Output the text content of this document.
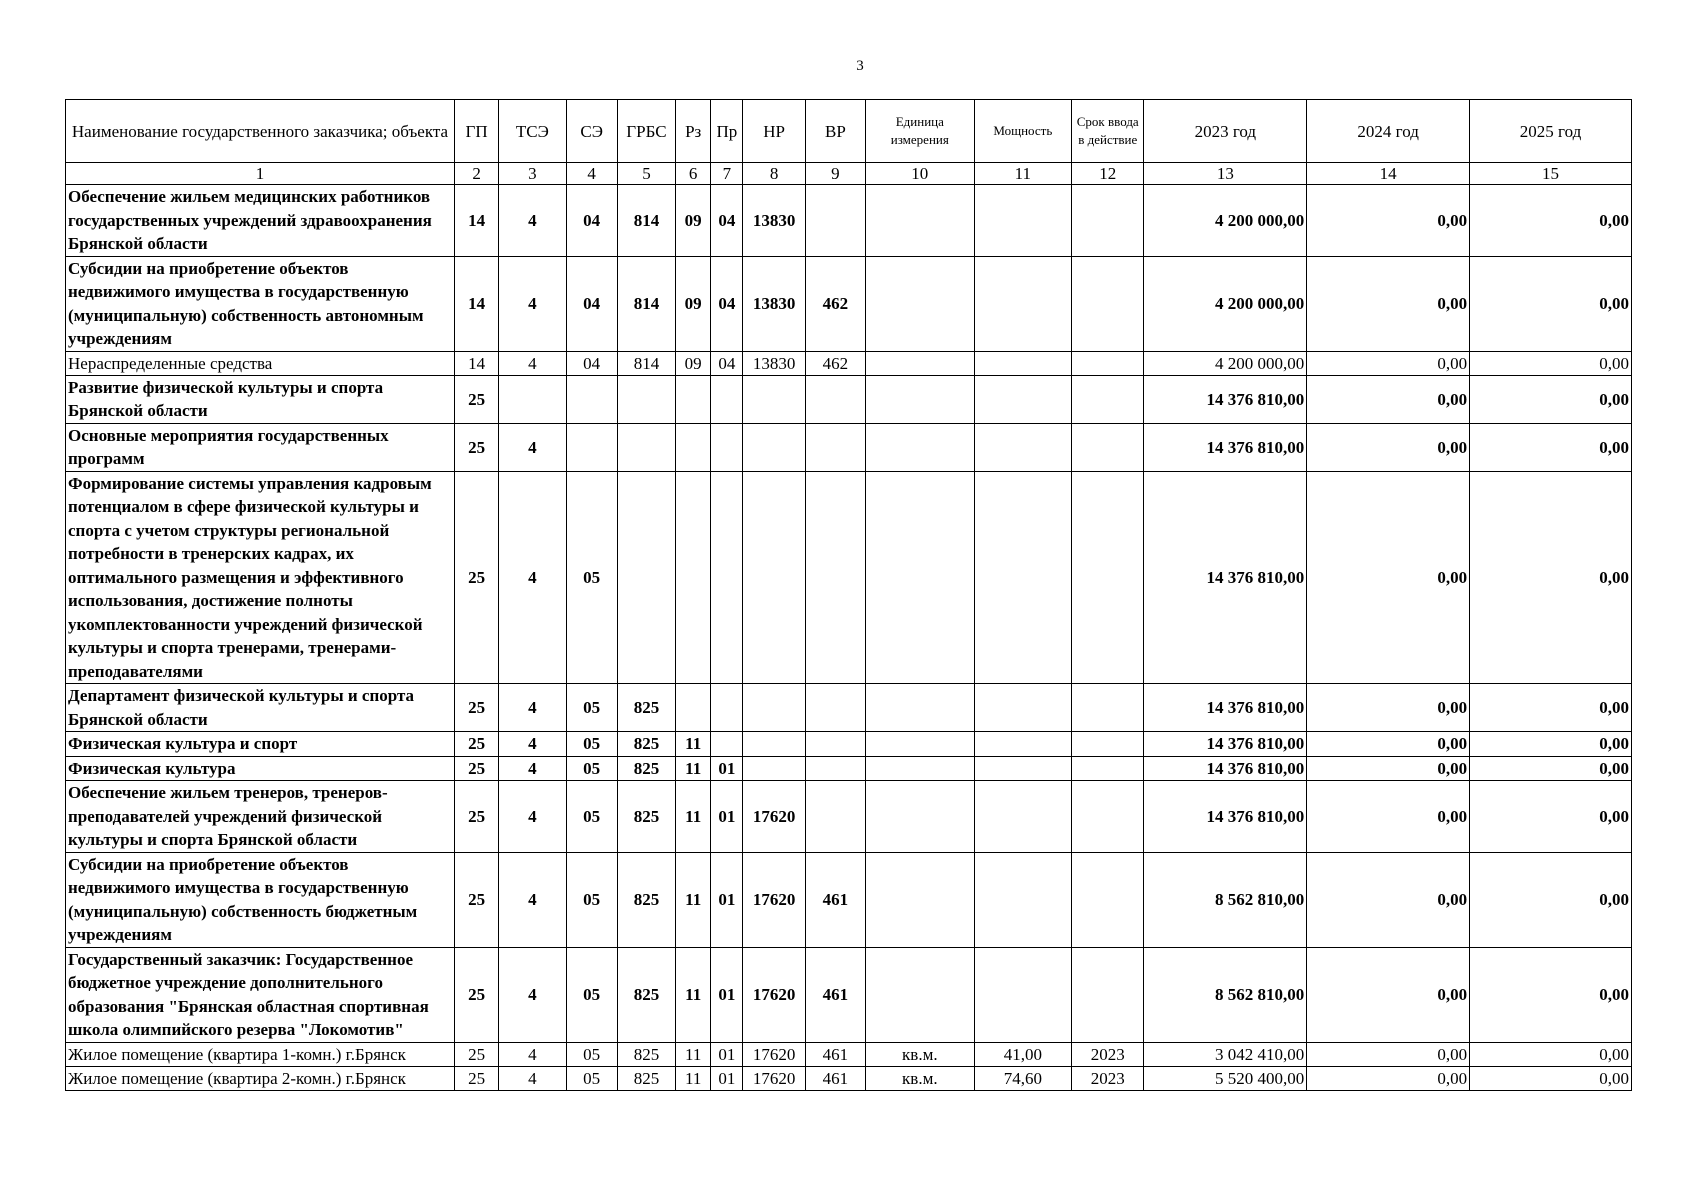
3
Наименование государственного заказчика; объекта	ГП	ТСЭ	СЭ	ГРБС	Рз	Пр	НР	ВР	Единица измерения	Мощность	Срок ввода в действие	2023 год	2024 год	2025 год
1	2	3	4	5	6	7	8	9	10	11	12	13	14	15
Обеспечение жильем медицинских работников государственных учреждений здравоохранения Брянской области	14	4	04	814	09	04	13830					4 200 000,00	0,00	0,00
Субсидии на приобретение объектов недвижимого имущества в государственную (муниципальную) собственность автономным учреждениям	14	4	04	814	09	04	13830	462				4 200 000,00	0,00	0,00
Нераспределенные средства	14	4	04	814	09	04	13830	462				4 200 000,00	0,00	0,00
Развитие физической культуры и спорта Брянской области	25											14 376 810,00	0,00	0,00
Основные мероприятия государственных программ	25	4										14 376 810,00	0,00	0,00
Формирование системы управления кадровым потенциалом в сфере физической культуры и спорта с учетом структуры региональной потребности в тренерских кадрах, их оптимального размещения и эффективного использования, достижение полноты укомплектованности учреждений физической культуры и спорта тренерами, тренерами-преподавателями	25	4	05									14 376 810,00	0,00	0,00
Департамент физической культуры и спорта Брянской области	25	4	05	825								14 376 810,00	0,00	0,00
Физическая культура и спорт	25	4	05	825	11							14 376 810,00	0,00	0,00
Физическая культура	25	4	05	825	11	01						14 376 810,00	0,00	0,00
Обеспечение жильем тренеров, тренеров-преподавателей учреждений физической культуры и спорта Брянской области	25	4	05	825	11	01	17620					14 376 810,00	0,00	0,00
Субсидии на приобретение объектов недвижимого имущества в государственную (муниципальную) собственность бюджетным учреждениям	25	4	05	825	11	01	17620	461				8 562 810,00	0,00	0,00
Государственный заказчик: Государственное бюджетное учреждение дополнительного образования "Брянская областная спортивная школа олимпийского резерва "Локомотив"	25	4	05	825	11	01	17620	461				8 562 810,00	0,00	0,00
Жилое помещение (квартира 1-комн.) г.Брянск	25	4	05	825	11	01	17620	461	кв.м.	41,00	2023	3 042 410,00	0,00	0,00
Жилое помещение (квартира 2-комн.) г.Брянск	25	4	05	825	11	01	17620	461	кв.м.	74,60	2023	5 520 400,00	0,00	0,00
